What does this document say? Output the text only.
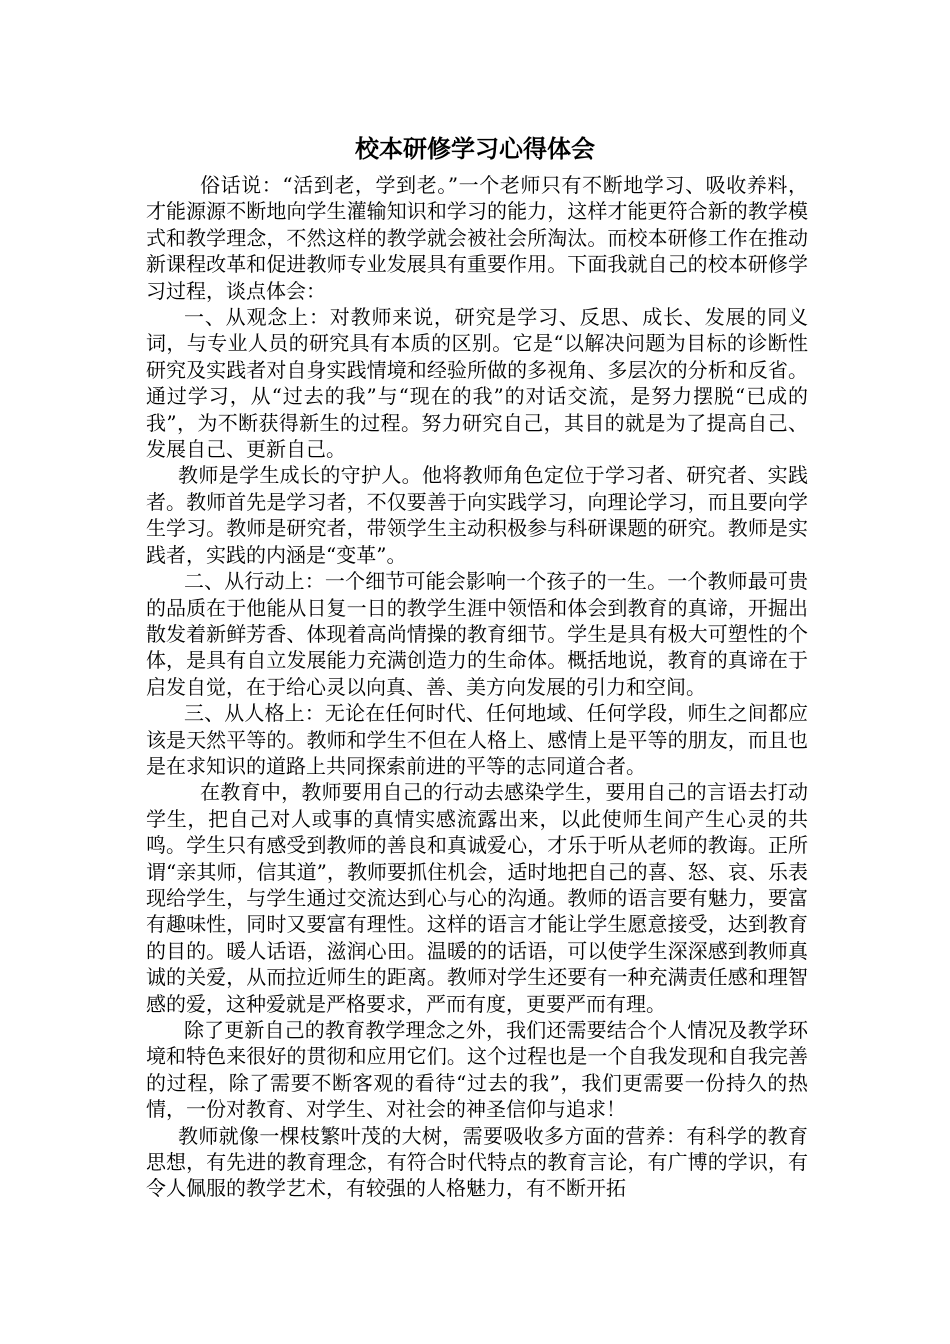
校本研修学习心得体会

俗话说：“活到老，学到老。”一个老师只有不断地学习、吸收养料，才能源源不断地向学生灌输知识和学习的能力，这样才能更符合新的教学模式和教学理念，不然这样的教学就会被社会所淘汰。而校本研修工作在推动新课程改革和促进教师专业发展具有重要作用。下面我就自己的校本研修学习过程，谈点体会：

一、从观念上：对教师来说，研究是学习、反思、成长、发展的同义词，与专业人员的研究具有本质的区别。它是“以解决问题为目标的诊断性研究及实践者对自身实践情境和经验所做的多视角、多层次的分析和反省。通过学习，从“过去的我”与“现在的我”的对话交流，是努力摆脱“已成的我”，为不断获得新生的过程。努力研究自己，其目的就是为了提高自己、发展自己、更新自己。

教师是学生成长的守护人。他将教师角色定位于学习者、研究者、实践者。教师首先是学习者，不仅要善于向实践学习，向理论学习，而且要向学生学习。教师是研究者，带领学生主动积极参与科研课题的研究。教师是实践者，实践的内涵是“变革”。

二、从行动上：一个细节可能会影响一个孩子的一生。一个教师最可贵的品质在于他能从日复一日的教学生涯中领悟和体会到教育的真谛，开掘出散发着新鲜芳香、体现着高尚情操的教育细节。学生是具有极大可塑性的个体，是具有自立发展能力充满创造力的生命体。概括地说，教育的真谛在于启发自觉，在于给心灵以向真、善、美方向发展的引力和空间。

三、从人格上：无论在任何时代、任何地域、任何学段，师生之间都应该是天然平等的。教师和学生不但在人格上、感情上是平等的朋友，而且也是在求知识的道路上共同探索前进的平等的志同道合者。

在教育中，教师要用自己的行动去感染学生，要用自己的言语去打动学生，把自己对人或事的真情实感流露出来，以此使师生间产生心灵的共鸣。学生只有感受到教师的善良和真诚爱心，才乐于听从老师的教诲。正所谓“亲其师，信其道”，教师要抓住机会，适时地把自己的喜、怒、哀、乐表现给学生，与学生通过交流达到心与心的沟通。教师的语言要有魅力，要富有趣味性，同时又要富有理性。这样的语言才能让学生愿意接受，达到教育的目的。暖人话语，滋润心田。温暖的的话语，可以使学生深深感到教师真诚的关爱，从而拉近师生的距离。教师对学生还要有一种充满责任感和理智感的爱，这种爱就是严格要求，严而有度，更要严而有理。

除了更新自己的教育教学理念之外，我们还需要结合个人情况及教学环境和特色来很好的贯彻和应用它们。这个过程也是一个自我发现和自我完善的过程，除了需要不断客观的看待“过去的我”，我们更需要一份持久的热情，一份对教育、对学生、对社会的神圣信仰与追求！

教师就像一棵枝繁叶茂的大树，需要吸收多方面的营养：有科学的教育思想，有先进的教育理念，有符合时代特点的教育言论，有广博的学识，有令人佩服的教学艺术，有较强的人格魅力，有不断开拓
